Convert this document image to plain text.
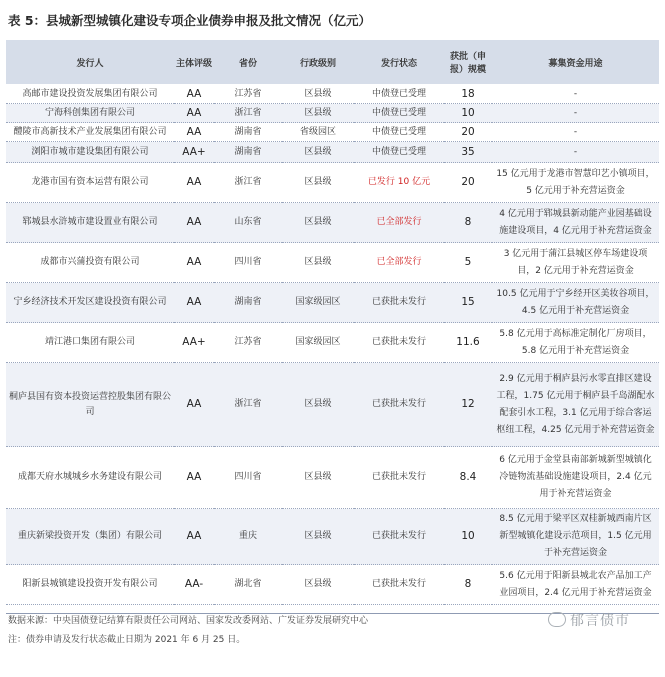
表 5：县城新型城镇化建设专项企业债券申报及批文情况（亿元）
发行人	主体评级	省份	行政级别	发行状态	获批（申报）规模	募集资金用途
高邮市建设投资发展集团有限公司	AA	江苏省	区县级	中债登已受理	18	-
宁海科创集团有限公司	AA	浙江省	区县级	中债登已受理	10	-
醴陵市高新技术产业发展集团有限公司	AA	湖南省	省级园区	中债登已受理	20	-
浏阳市城市建设集团有限公司	AA+	湖南省	区县级	中债登已受理	35	-
龙港市国有资本运营有限公司	AA	浙江省	区县级	已发行 10 亿元	20	15 亿元用于龙港市智慧印艺小镇项目，5 亿元用于补充营运资金
郓城县水浒城市建设置业有限公司	AA	山东省	区县级	已全部发行	8	4 亿元用于郓城县新动能产业园基础设施建设项目，4 亿元用于补充营运资金
成都市兴蒲投资有限公司	AA	四川省	区县级	已全部发行	5	3 亿元用于蒲江县城区停车场建设项目，2 亿元用于补充营运资金
宁乡经济技术开发区建设投资有限公司	AA	湖南省	国家级园区	已获批未发行	15	10.5 亿元用于宁乡经开区美妆谷项目，4.5 亿元用于补充营运资金
靖江港口集团有限公司	AA+	江苏省	国家级园区	已获批未发行	11.6	5.8 亿元用于高标准定制化厂房项目，5.8 亿元用于补充营运资金
桐庐县国有资本投资运营控股集团有限公司	AA	浙江省	区县级	已获批未发行	12	2.9 亿元用于桐庐县污水零直排区建设工程，1.75 亿元用于桐庐县千岛湖配水配套引水工程，3.1 亿元用于综合客运枢纽工程，4.25 亿元用于补充营运资金
成都天府水城城乡水务建设有限公司	AA	四川省	区县级	已获批未发行	8.4	6 亿元用于金堂县南部新城新型城镇化冷链物流基础设施建设项目，2.4 亿元用于补充营运资金
重庆新梁投资开发（集团）有限公司	AA	重庆	区县级	已获批未发行	10	8.5 亿元用于梁平区双桂新城西南片区新型城镇化建设示范项目，1.5 亿元用于补充营运资金
阳新县城镇建设投资开发有限公司	AA-	湖北省	区县级	已获批未发行	8	5.6 亿元用于阳新县城北农产品加工产业园项目，2.4 亿元用于补充营运资金
数据来源：中央国债登记结算有限责任公司网站、国家发改委网站、广发证券发展研究中心
注：债券申请及发行状态截止日期为 2021 年 6 月 25 日。
郁言债市
